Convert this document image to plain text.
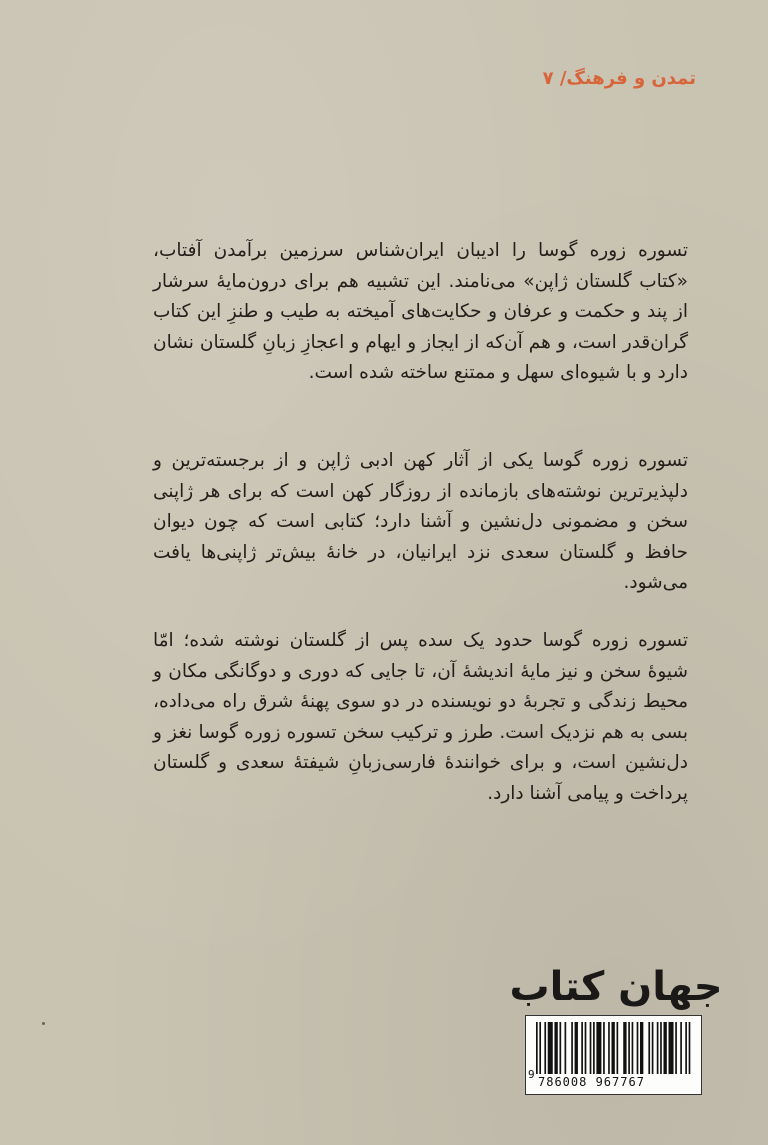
تمدن و فرهنگ/ ۷
تسوره زوره گوسا را ادیبان ایران‌شناس سرزمین برآمدن آفتاب، «کتاب گلستان ژاپن» می‌نامند. این تشبیه هم برای درون‌مایهٔ سرشار از پند و حکمت و عرفان و حکایت‌های آمیخته به طیب و طنزِ این کتاب گران‌قدر است، و هم آن‌که از ایجاز و ایهام و اعجازِ زبانِ گلستان نشان دارد و با شیوه‌ای سهل و ممتنع ساخته شده است.
تسوره زوره گوسا یکی از آثار کهن ادبی ژاپن و از برجسته‌ترین و دلپذیرترین نوشته‌های بازمانده از روزگار کهن است که برای هر ژاپنی سخن و مضمونی دل‌نشین و آشنا دارد؛ کتابی است که چون دیوان حافظ و گلستان سعدی نزد ایرانیان، در خانهٔ بیش‌تر ژاپنی‌ها یافت می‌شود.
تسوره زوره گوسا حدود یک سده پس از گلستان نوشته شده؛ امّا شیوهٔ سخن و نیز مایهٔ اندیشهٔ آن، تا جایی که دوری و دوگانگی مکان و محیط زندگی و تجربهٔ دو نویسنده در دو سوی پهنهٔ شرق راه می‌داده، بسی به هم نزدیک است. طرز و ترکیب سخن تسوره زوره گوسا نغز و دل‌نشین است، و برای خوانندهٔ فارسی‌زبانِ شیفتهٔ سعدی و گلستان پرداخت و پیامی آشنا دارد.
جهان کتاب
9
786008 967767
